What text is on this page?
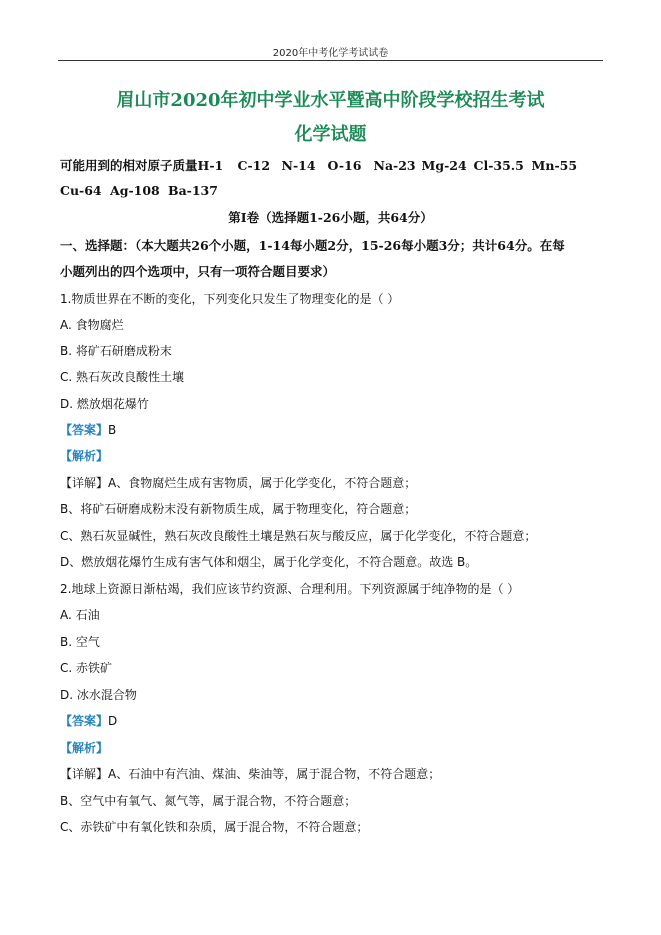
2020年中考化学考试试卷
眉山市2020年初中学业水平暨高中阶段学校招生考试
化学试题
可能用到的相对原子质量H-1 C-12 N-14 O-16 Na-23 Mg-24 Cl-35.5 Mn-55
Cu-64 Ag-108 Ba-137
第Ⅰ卷（选择题1-26小题，共64分）
一、选择题：（本大题共26个小题，1-14每小题2分，15-26每小题3分；共计64分。在每
小题列出的四个选项中，只有一项符合题目要求）
1.物质世界在不断的变化，下列变化只发生了物理变化的是（ ）
A. 食物腐烂
B. 将矿石研磨成粉末
C. 熟石灰改良酸性土壤
D. 燃放烟花爆竹
【答案】B
【解析】
【详解】A、食物腐烂生成有害物质，属于化学变化，不符合题意；
B、将矿石研磨成粉末没有新物质生成，属于物理变化，符合题意；
C、熟石灰显碱性，熟石灰改良酸性土壤是熟石灰与酸反应，属于化学变化，不符合题意；
D、燃放烟花爆竹生成有害气体和烟尘，属于化学变化，不符合题意。故选 B。
2.地球上资源日渐枯竭，我们应该节约资源、合理利用。下列资源属于纯净物的是（ ）
A. 石油
B. 空气
C. 赤铁矿
D. 冰水混合物
【答案】D
【解析】
【详解】A、石油中有汽油、煤油、柴油等，属于混合物，不符合题意；
B、空气中有氧气、氮气等，属于混合物，不符合题意；
C、赤铁矿中有氧化铁和杂质，属于混合物，不符合题意；
